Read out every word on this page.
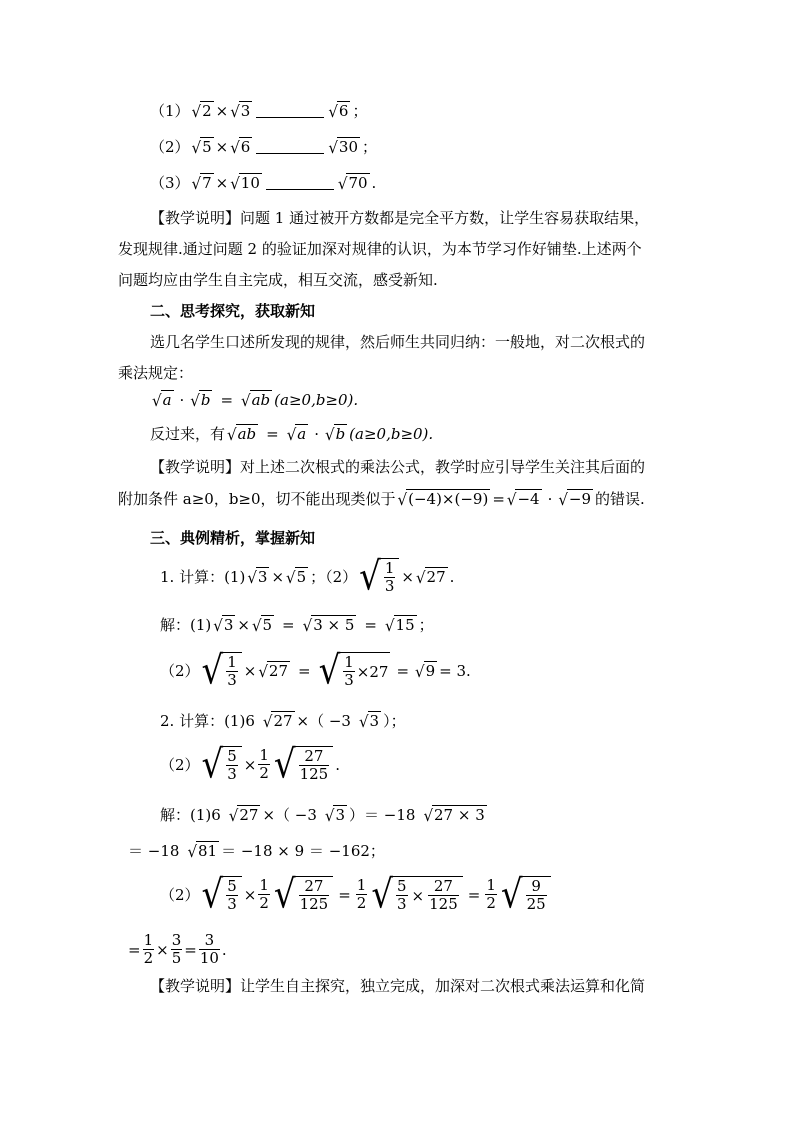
（1） √ 2 × √ 3	√ 6 ；
（2） √ 5 × √ 6	√ 30 ；
（3） √ 7 × √ 10	√ 70 .
【教学说明】问题 1 通过被开方数都是完全平方数，让学生容易获取结果，
发现规律.通过问题 2 的验证加深对规律的认识，为本节学习作好铺垫.上述两个
问题均应由学生自主完成，相互交流，感受新知.
二、思考探究，获取新知
选几名学生口述所发现的规律，然后师生共同归纳：一般地，对二次根式的
乘法规定：
√ a · √ b = √ ab (a≥0,b≥0).
反过来，有 √ ab = √ a · √ b (a≥0,b≥0).
【教学说明】对上述二次根式的乘法公式，教学时应引导学生关注其后面的
附加条件 a≥0，b≥0，切不能出现类似于 √ (−4)×(−9) = √ −4 · √ −9 的错误.
三、典例精析，掌握新知
1. 计算：(1) √ 3 × √ 5 ；（2） √ $\frac{1}{3}$ × √ 27 .
解：(1) √ 3 × √ 5 = √ 3 × 5 = √ 15 ；
（2） √ $\frac{1}{3}$ × √ 27 = √ $\frac{1}{3} \times 27$ = √ 9 = 3.
2. 计算：(1)6 √ 27 ×（ −3 √ 3 ）；
（2） √ $\frac{5}{3} \times \frac{1}{2}$ √ $\frac{27}{125}$ .
解：(1)6 √ 27 ×（ −3 √ 3 ）＝ −18 √ 27 × 3
＝ −18 √ 81 ＝ −18 × 9 ＝ −162；
（2） √ $\frac{5}{3} \times \frac{1}{2}$ √ $\frac{27}{125} = \frac{1}{2}$ √ $\frac{5}{3} \times \frac{27}{125} = \frac{1}{2}$ √ $\frac{9}{25}$
= $\frac{1}{2} \times \frac{3}{5} = \frac{3}{10}$ .
【教学说明】让学生自主探究，独立完成，加深对二次根式乘法运算和化简
